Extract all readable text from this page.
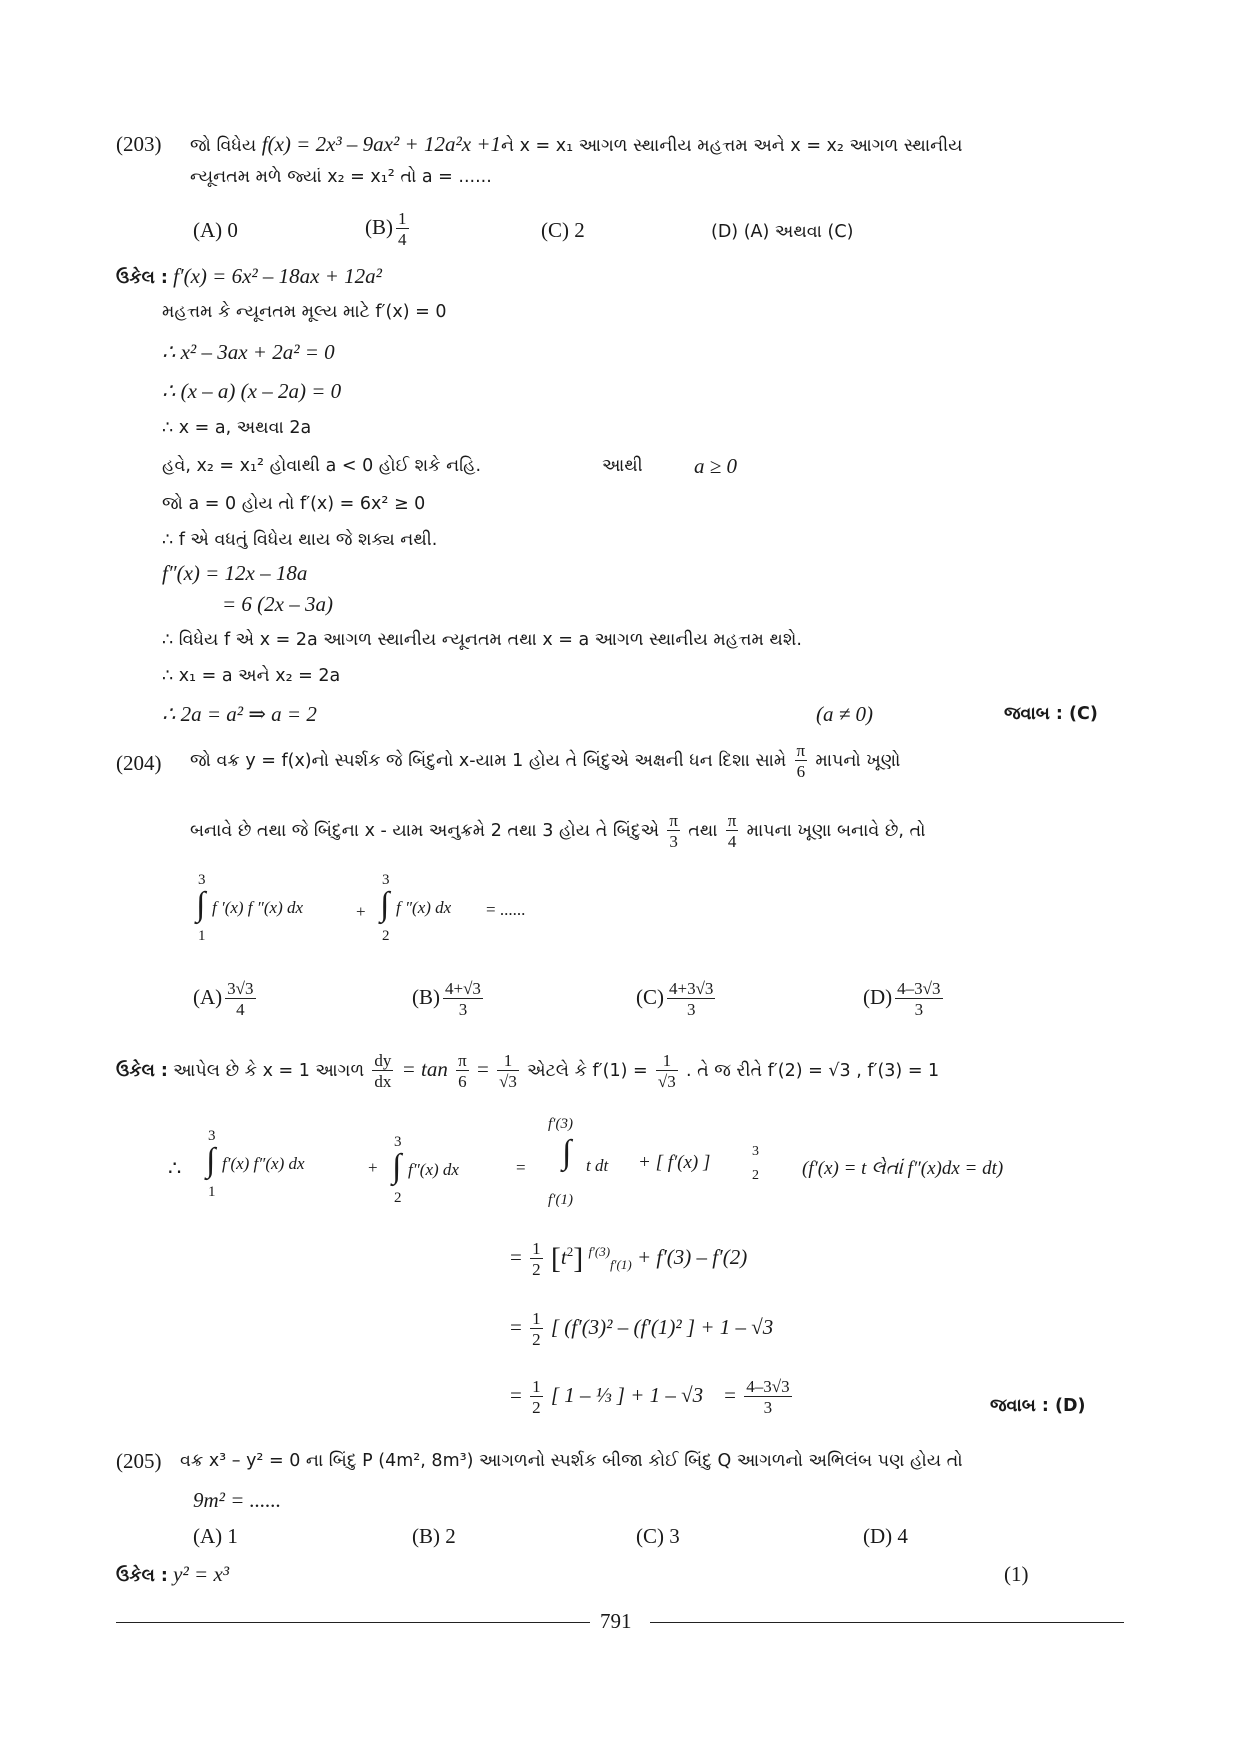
(203) જો વિધેય f(x) = 2x³ – 9ax² + 12a²x +1ને x = x₁ આગળ સ્થાનીય મહત્તમ અને x = x₂ આગળ સ્થાનીય
ન્યૂનતમ મળે જ્યાં x₂ = x₁² તો a = ......
(A) 0	$(B) \frac{1}{4}$	(C) 2	(D) (A) અથવા (C)
ઉકેલ : f′(x) = 6x² – 18ax + 12a²
મહત્તમ કે ન્યૂનતમ મૂલ્ય માટે f′(x) = 0
∴ x² – 3ax + 2a² = 0
∴ (x – a) (x – 2a) = 0
∴ x = a, અથવા 2a
હવે, x₂ = x₁² હોવાથી a < 0 હોઈ શકે નહિ.	આથી a ≥ 0
જો a = 0 હોય તો f′(x) = 6x² ≥ 0
∴ f એ વધતું વિધેય થાય જે શક્ય નથી.
f″(x) = 12x – 18a
= 6 (2x – 3a)
∴ વિધેય f એ x = 2a આગળ સ્થાનીય ન્યૂનતમ તથા x = a આગળ સ્થાનીય મહત્તમ થશે.
∴ x₁ = a અને x₂ = 2a
∴ 2a = a² ⇒ a = 2	(a ≠ 0)	જવાબ : (C)
(204) જો વક્ર y = f(x)નો સ્પર્શક જે બિંદુનો x-યામ 1 હોય તે બિંદુએ અક્ષની ધન દિશા સામે $\frac{\pi}{6}$ માપનો ખૂણો
બનાવે છે તથા જે બિંદુના x - યામ અનુક્રમે 2 તથા 3 હોય તે બિંદુએ $\frac{\pi}{3}$ તથા $\frac{\pi}{4}$ માપના ખૂણા બનાવે છે, તો
3
∫
1
f ′(x) f ″(x) dx	+
3
∫
2
f ″(x) dx = ......
$(A) \frac{3√3}{4}$	$(B) \frac{4+√3}{3}$	$(C) \frac{4+3√3}{3}$	$(D) \frac{4-3√3}{3}$
ઉકેલ : આપેલ છે કે x = 1 આગળ $\frac{dy}{dx} = \tan \frac{\pi}{6} = \frac{1}{√3}$ એટલે કે $f'(1) = \frac{1}{√3}$ . તે જ રીતે f′(2) = √3 , f′(3) = 1
∴
3
∫
1
f′(x) f″(x) dx	+
3
∫
2
f″(x) dx	=
f′(3)
∫
f′(1)
t dt + [ f′(x) ]
3
2 (f′(x) = t લેતાં f″(x)dx = dt)
= $\frac{1}{2} [t^2] ^{f'(3)}_{f'(1)} + f'(3) - f'(2)$
= $\frac{1}{2}$ [ (f′(3)² – (f′(1)² ] + 1 – √3
= $\frac{1}{2}$ [ 1 – ⅓ ] + $1 - √3 = \frac{4-3√3}{3}$	જવાબ : (D)
(205) વક્ર x³ – y² = 0 ના બિંદુ P (4m², 8m³) આગળનો સ્પર્શક બીજા કોઈ બિંદુ Q આગળનો અભિલંબ પણ હોય તો
9m² = ......
(A) 1	(B) 2	(C) 3	(D) 4
ઉકેલ : y² = x³	(1)
791
